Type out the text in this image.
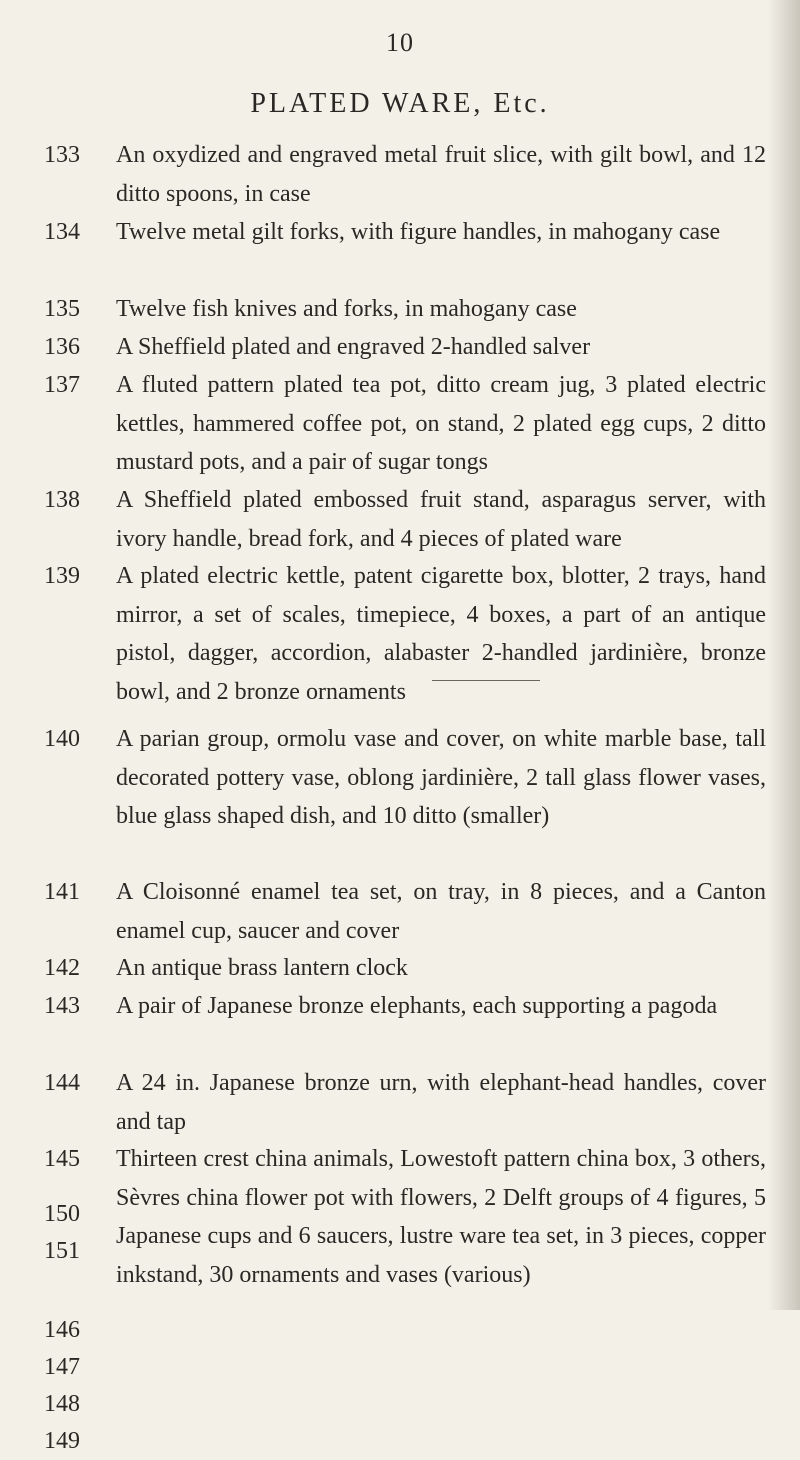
10
PLATED WARE, Etc.
133	An oxydized and engraved metal fruit slice, with gilt bowl, and 12 ditto spoons, in case
134	Twelve metal gilt forks, with figure handles, in mahogany case
135	Twelve fish knives and forks, in mahogany case
136	A Sheffield plated and engraved 2-handled salver
137	A fluted pattern plated tea pot, ditto cream jug, 3 plated electric kettles, hammered coffee pot, on stand, 2 plated egg cups, 2 ditto mustard pots, and a pair of sugar tongs
138	A Sheffield plated embossed fruit stand, asparagus server, with ivory handle, bread fork, and 4 pieces of plated ware
139	A plated electric kettle, patent cigarette box, blotter, 2 trays, hand mirror, a set of scales, timepiece, 4 boxes, a part of an antique pistol, dagger, accordion, alabaster 2-handled jardinière, bronze bowl, and 2 bronze ornaments
140	A parian group, ormolu vase and cover, on white marble base, tall decorated pottery vase, oblong jardinière, 2 tall glass flower vases, blue glass shaped dish, and 10 ditto (smaller)
141	A Cloisonné enamel tea set, on tray, in 8 pieces, and a Canton enamel cup, saucer and cover
142	An antique brass lantern clock
143	A pair of Japanese bronze elephants, each supporting a pagoda
144	A 24 in. Japanese bronze urn, with elephant-head handles, cover and tap
145	Thirteen crest china animals, Lowestoft pattern china box, 3 others, Sèvres china flower pot with flowers, 2 Delft groups of 4 figures, 5 Japanese cups and 6 saucers, lustre ware tea set, in 3 pieces, copper inkstand, 30 ornaments and vases (various)
146
147
148
149
150
151
